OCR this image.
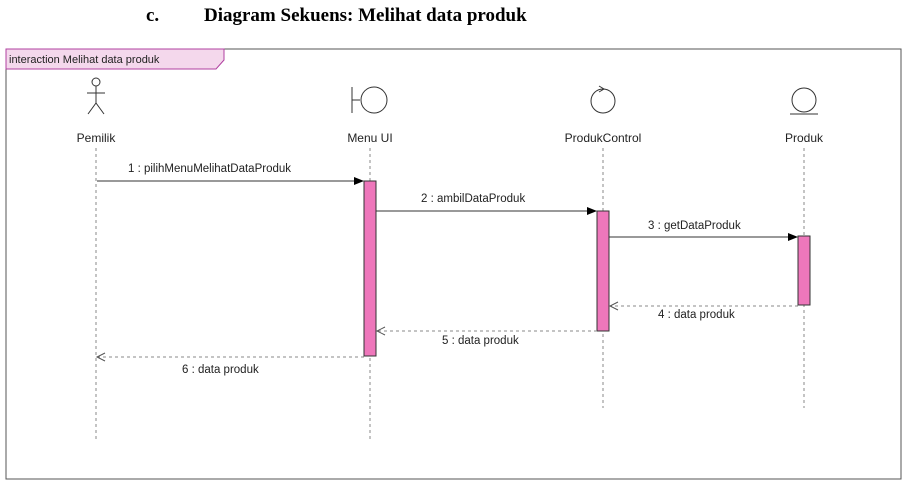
c. Diagram Sekuens: Melihat data produk
interaction Melihat data produk
Pemilik	Menu UI	ProdukControl	Produk
1 : pilihMenuMelihatDataProduk
2 : ambilDataProduk
3 : getDataProduk
4 : data produk
5 : data produk
6 : data produk
